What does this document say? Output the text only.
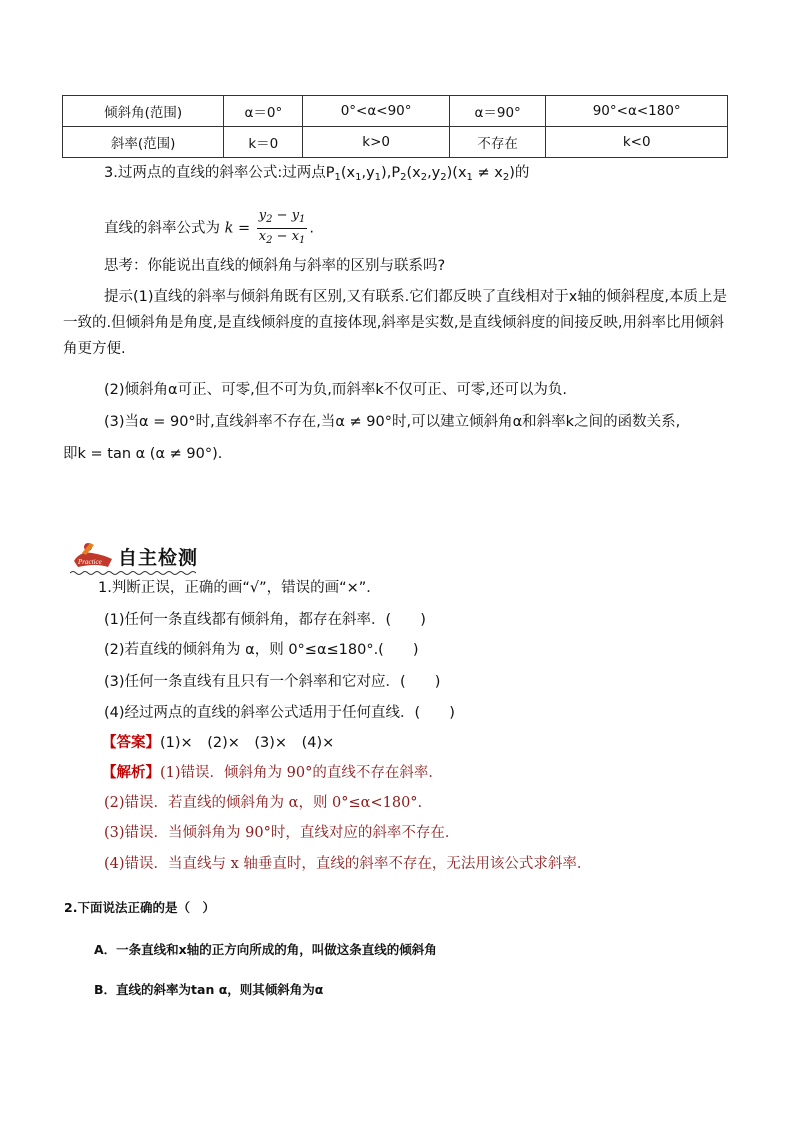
倾斜角(范围)	α＝0°	0°<α<90°	α＝90°	90°<α<180°
斜率(范围)	k＝0	k>0	不存在	k<0
3.过两点的直线的斜率公式:过两点$P_1(x_1,y_1),P_2(x_2,y_2)(x_1 \ne x_2)$的
直线的斜率公式为 $k = \frac{y_2 - y_1}{x_2 - x_1}$ .
思考：你能说出直线的倾斜角与斜率的区别与联系吗?
提示(1)直线的斜率与倾斜角既有区别,又有联系.它们都反映了直线相对于x轴的倾斜程度,本质上是一致的.但倾斜角是角度,是直线倾斜度的直接体现,斜率是实数,是直线倾斜度的间接反映,用斜率比用倾斜角更方便.
(2)倾斜角α可正、可零,但不可为负,而斜率k不仅可正、可零,还可以为负.
(3)当α = 90°时,直线斜率不存在,当α ≠ 90°时,可以建立倾斜角α和斜率k之间的函数关系,
即k = tan α (α ≠ 90°).
Practice 自主检测
1.判断正误，正确的画“√”，错误的画“×”．
(1)任何一条直线都有倾斜角，都存在斜率．(　　)
(2)若直线的倾斜角为 α，则 0°≤α≤180°.(　　)
(3)任何一条直线有且只有一个斜率和它对应．(　　)
(4)经过两点的直线的斜率公式适用于任何直线．(　　)
【答案】(1)×　(2)×　(3)×　(4)×
【解析】(1)错误．倾斜角为 90°的直线不存在斜率．
(2)错误．若直线的倾斜角为 α，则 0°≤α<180°.
(3)错误．当倾斜角为 90°时，直线对应的斜率不存在．
(4)错误．当直线与 x 轴垂直时，直线的斜率不存在，无法用该公式求斜率．
2.下面说法正确的是（　）
A．一条直线和x轴的正方向所成的角，叫做这条直线的倾斜角
B．直线的斜率为tan α，则其倾斜角为α
